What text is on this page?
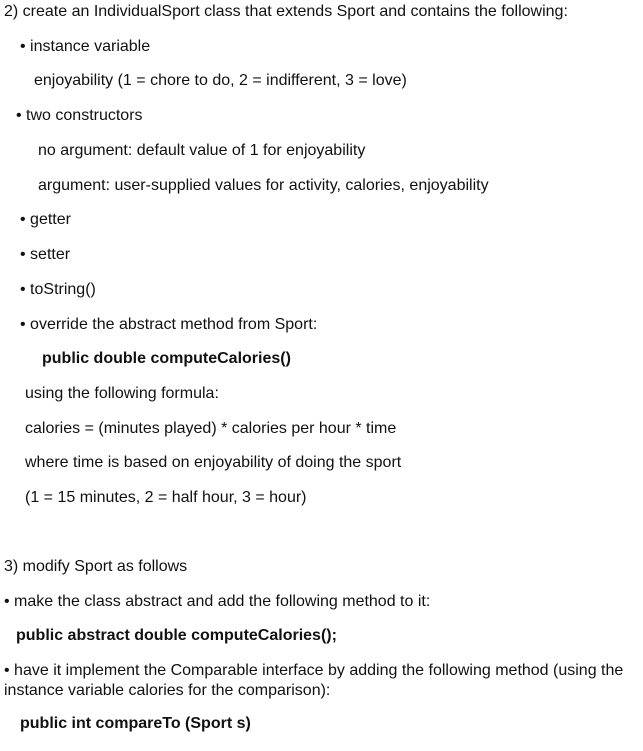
2) create an IndividualSport class that extends Sport and contains the following:
• instance variable
enjoyability (1 = chore to do, 2 = indifferent, 3 = love)
• two constructors
no argument: default value of 1 for enjoyability
argument: user-supplied values for activity, calories, enjoyability
• getter
• setter
• toString()
• override the abstract method from Sport:
public double computeCalories()
using the following formula:
calories = (minutes played) * calories per hour * time
where time is based on enjoyability of doing the sport
(1 = 15 minutes, 2 = half hour, 3 = hour)
3) modify Sport as follows
• make the class abstract and add the following method to it:
public abstract double computeCalories();
• have it implement the Comparable interface by adding the following method (using the
instance variable calories for the comparison):
public int compareTo (Sport s)
